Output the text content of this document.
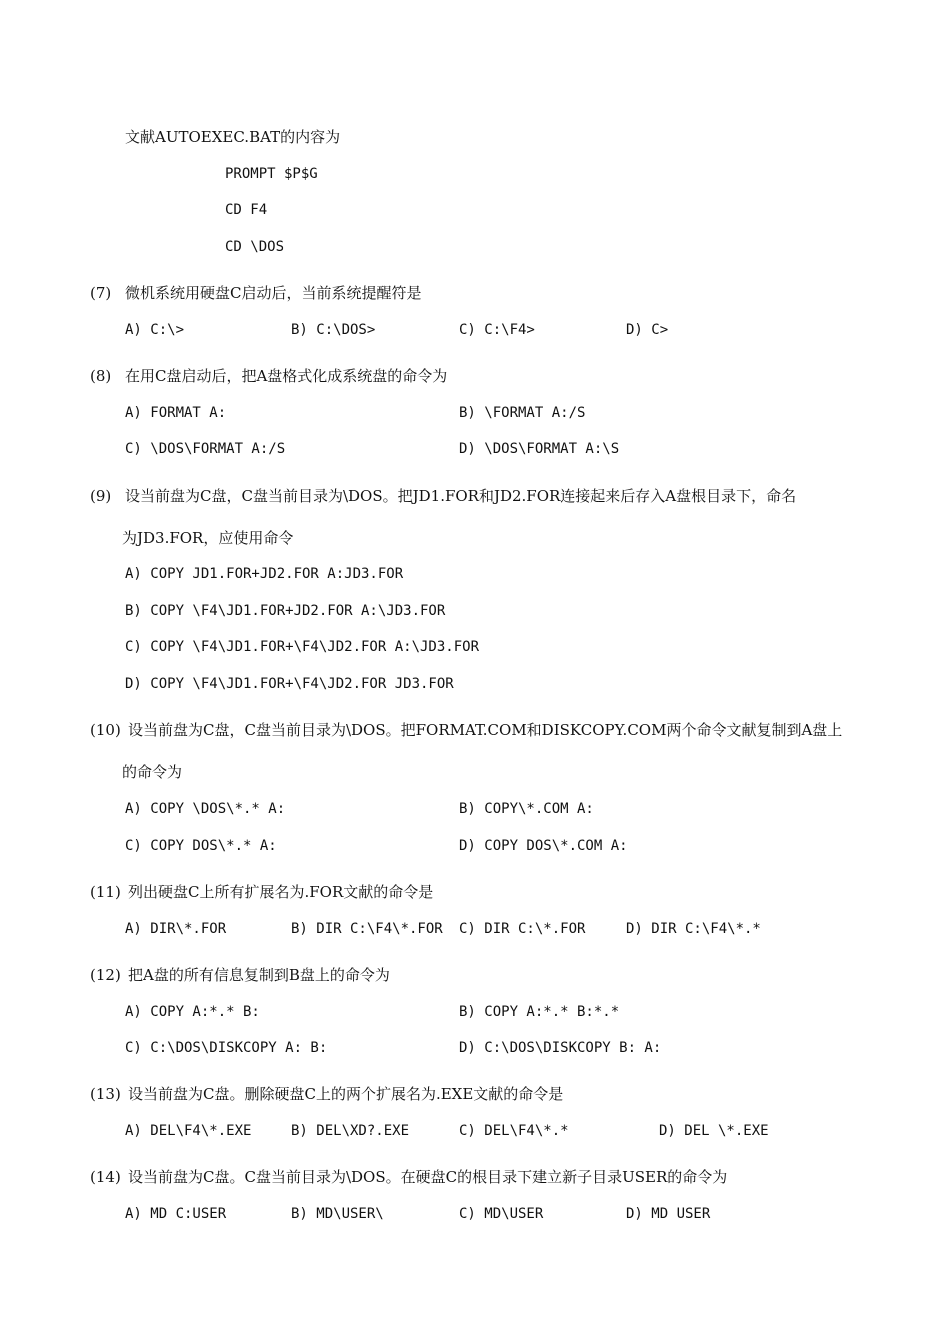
文献AUTOEXEC.BAT的内容为
PROMPT $P$G
CD F4
CD \DOS
(7) 微机系统用硬盘C启动后，当前系统提醒符是
A) C:\>	B) C:\DOS>	C) C:\F4>	D) C>
(8) 在用C盘启动后，把A盘格式化成系统盘的命令为
A) FORMAT A:	B) \FORMAT A:/S
C) \DOS\FORMAT A:/S	D) \DOS\FORMAT A:\S
(9) 设当前盘为C盘，C盘当前目录为\DOS。把JD1.FOR和JD2.FOR连接起来后存入A盘根目录下，命名
为JD3.FOR，应使用命令
A) COPY JD1.FOR+JD2.FOR A:JD3.FOR
B) COPY \F4\JD1.FOR+JD2.FOR A:\JD3.FOR
C) COPY \F4\JD1.FOR+\F4\JD2.FOR A:\JD3.FOR
D) COPY \F4\JD1.FOR+\F4\JD2.FOR JD3.FOR
(10) 设当前盘为C盘，C盘当前目录为\DOS。把FORMAT.COM和DISKCOPY.COM两个命令文献复制到A盘上
的命令为
A) COPY \DOS\*.* A:	B) COPY\*.COM A:
C) COPY DOS\*.* A:	D) COPY DOS\*.COM A:
(11) 列出硬盘C上所有扩展名为.FOR文献的命令是
A) DIR\*.FOR	B) DIR C:\F4\*.FOR C) DIR C:\*.FOR	D) DIR C:\F4\*.*
(12) 把A盘的所有信息复制到B盘上的命令为
A) COPY A:*.* B:	B) COPY A:*.* B:*.*
C) C:\DOS\DISKCOPY A: B:	D) C:\DOS\DISKCOPY B: A:
(13) 设当前盘为C盘。删除硬盘C上的两个扩展名为.EXE文献的命令是
A) DEL\F4\*.EXE	B) DEL\XD?.EXE	C) DEL\F4\*.*	D) DEL \*.EXE
(14) 设当前盘为C盘。C盘当前目录为\DOS。在硬盘C的根目录下建立新子目录USER的命令为
A) MD C:USER	B) MD\USER\	C) MD\USER	D) MD USER
